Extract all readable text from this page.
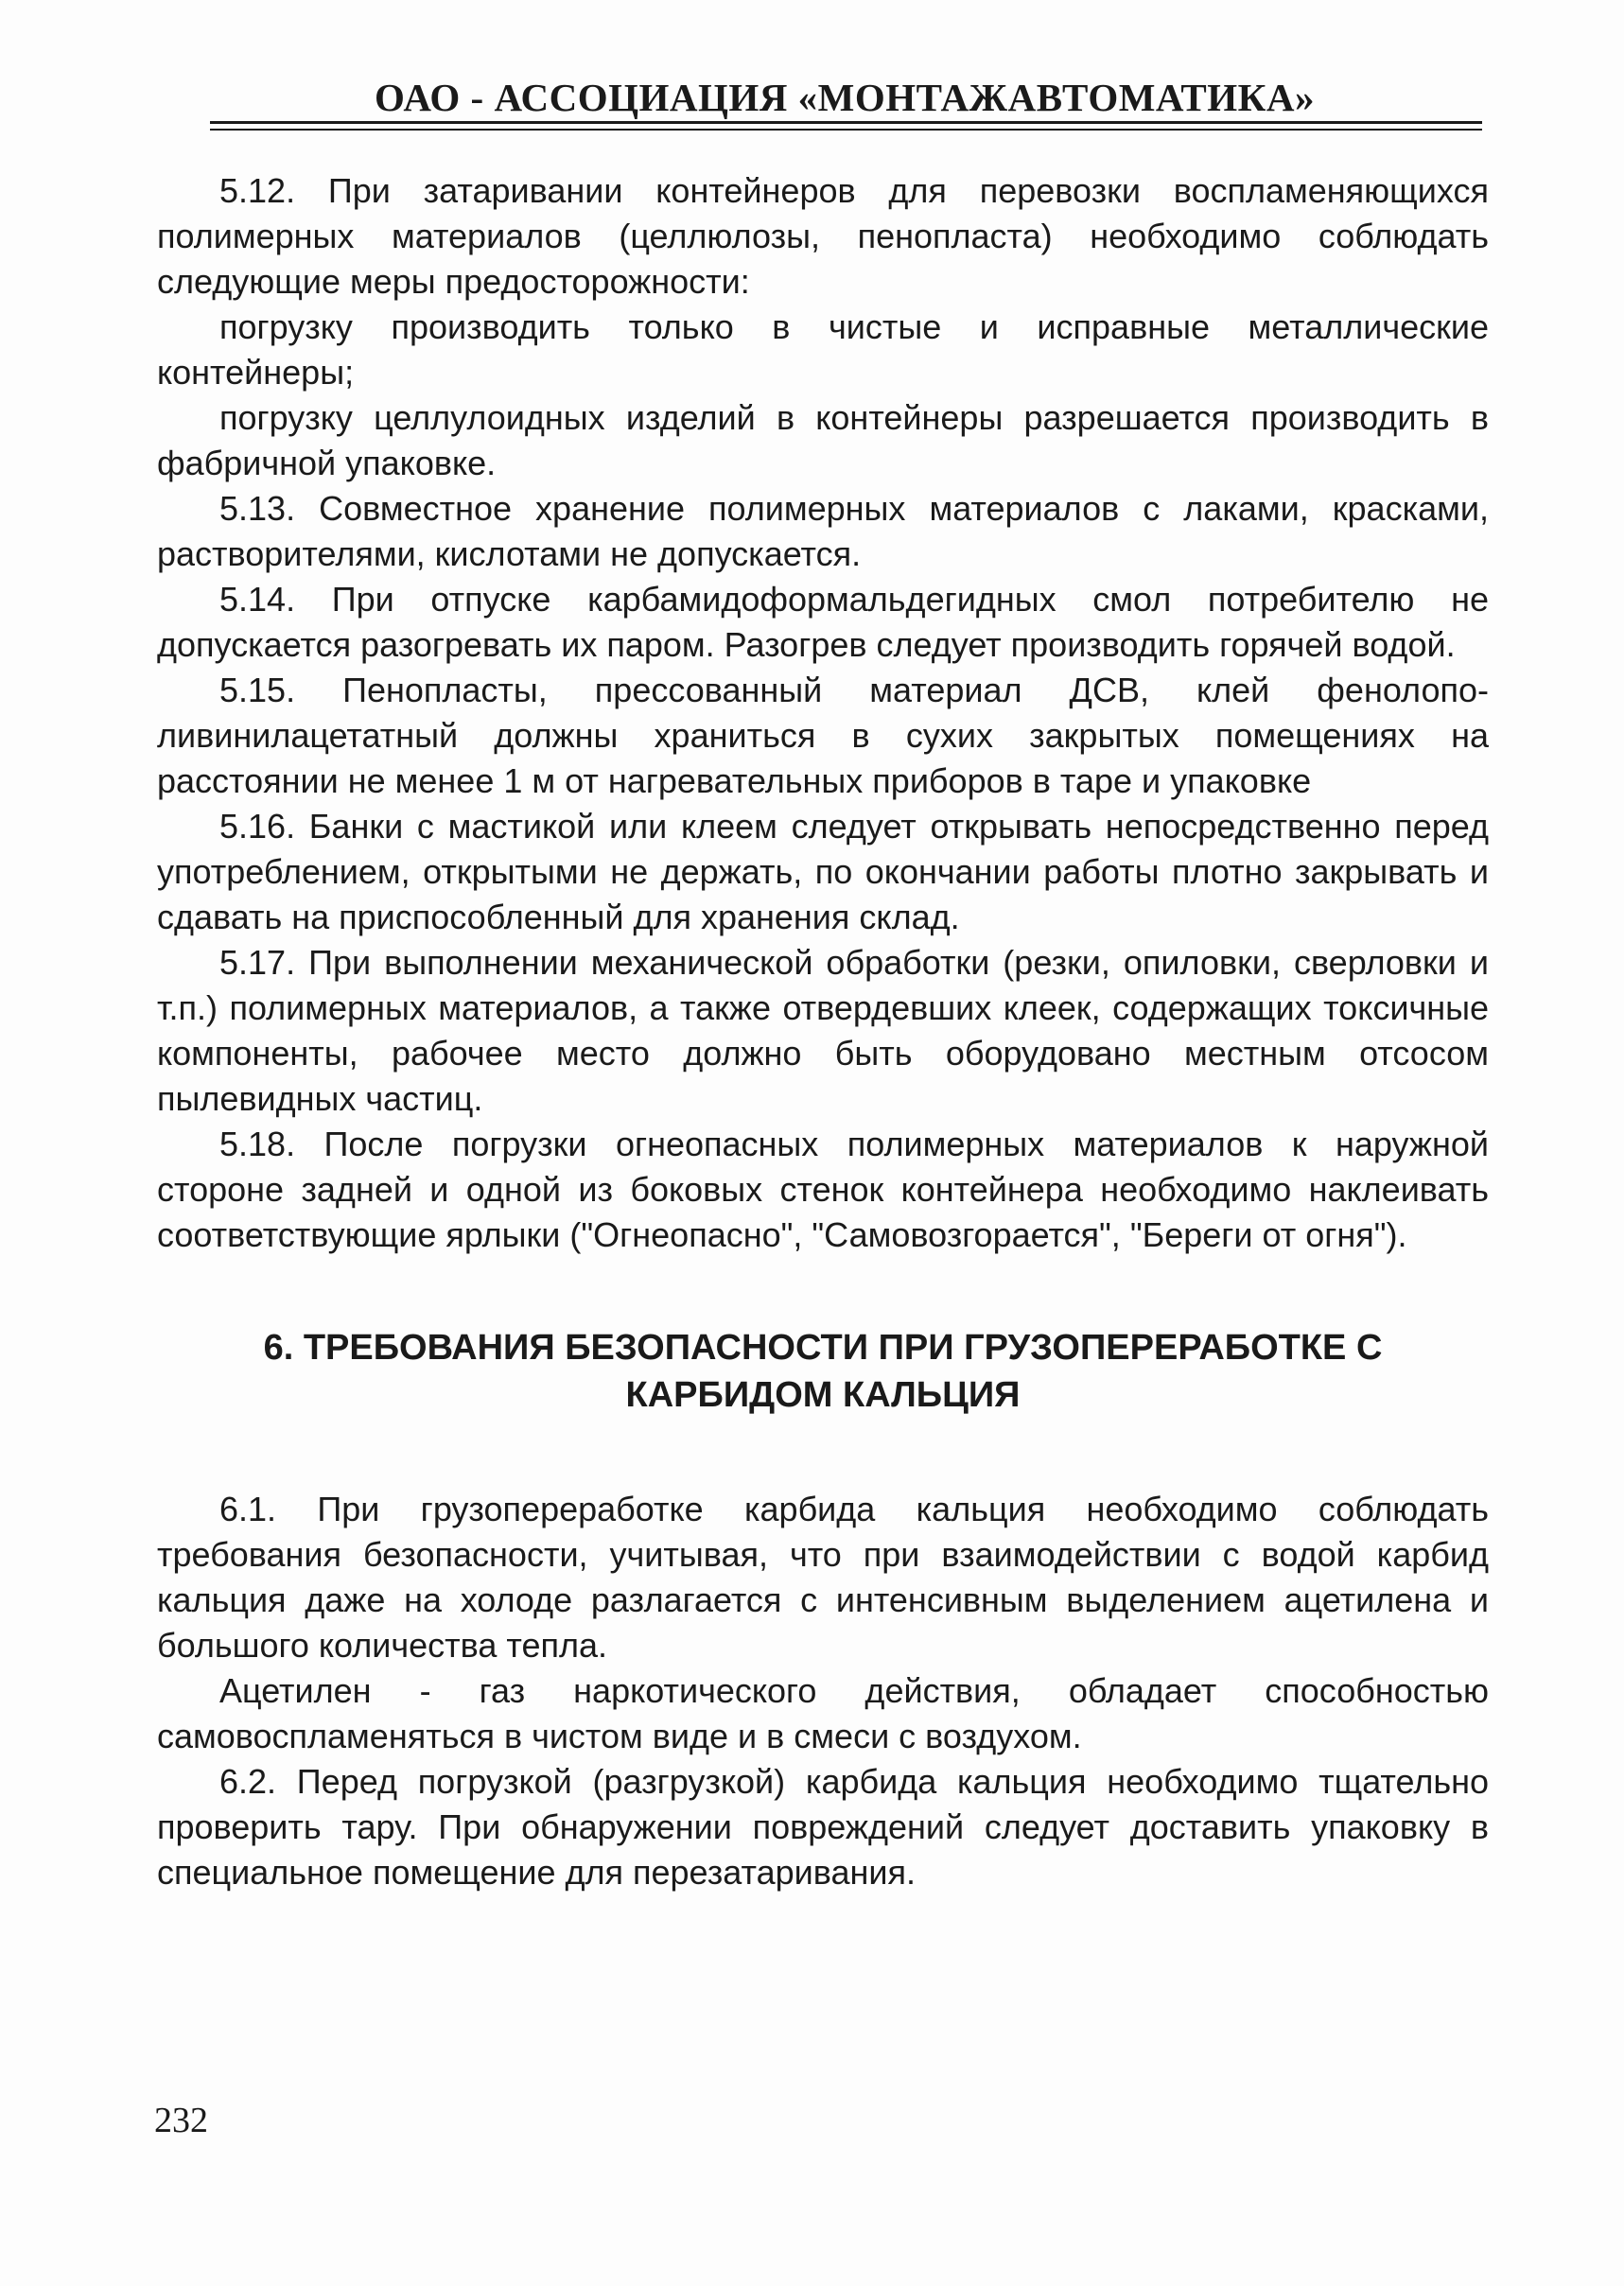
ОАО - АССОЦИАЦИЯ «МОНТАЖАВТОМАТИКА»

5.12. При затаривании контейнеров для перевозки воспламеняющихся полимерных материалов (целлюлозы, пенопласта) необходимо соблюдать следующие меры предосторожности:

погрузку производить только в чистые и исправные металлические контейнеры;

погрузку целлулоидных изделий в контейнеры разрешается производить в фабричной упаковке.

5.13. Совместное хранение полимерных материалов с лаками, красками, растворителями, кислотами не допускается.

5.14. При отпуске карбамидоформальдегидных смол потребителю не допускается разогревать их паром. Разогрев следует производить горячей водой.

5.15. Пенопласты, прессованный материал ДСВ, клей фенолополивинилацетатный должны храниться в сухих закрытых помещениях на расстоянии не менее 1 м от нагревательных приборов в таре и упаковке

5.16. Банки с мастикой или клеем следует открывать непосредственно перед употреблением, открытыми не держать, по окончании работы плотно закрывать и сдавать на приспособленный для хранения склад.

5.17. При выполнении механической обработки (резки, опиловки, сверловки и т.п.) полимерных материалов, а также отвердевших клеек, содержащих токсичные компоненты, рабочее место должно быть оборудовано местным отсосом пылевидных частиц.

5.18. После погрузки огнеопасных полимерных материалов к наружной стороне задней и одной из боковых стенок контейнера необходимо наклеивать соответствующие ярлыки ("Огнеопасно", "Самовозгорается", "Береги от огня").

6. ТРЕБОВАНИЯ БЕЗОПАСНОСТИ ПРИ ГРУЗОПЕРЕРАБОТКЕ С КАРБИДОМ КАЛЬЦИЯ

6.1. При грузопереработке карбида кальция необходимо соблюдать требования безопасности, учитывая, что при взаимодействии с водой карбид кальция даже на холоде разлагается с интенсивным выделением ацетилена и большого количества тепла.

Ацетилен - газ наркотического действия, обладает способностью самовоспламеняться в чистом виде и в смеси с воздухом.

6.2. Перед погрузкой (разгрузкой) карбида кальция необходимо тщательно проверить тару. При обнаружении повреждений следует доставить упаковку в специальное помещение для перезатаривания.

232
